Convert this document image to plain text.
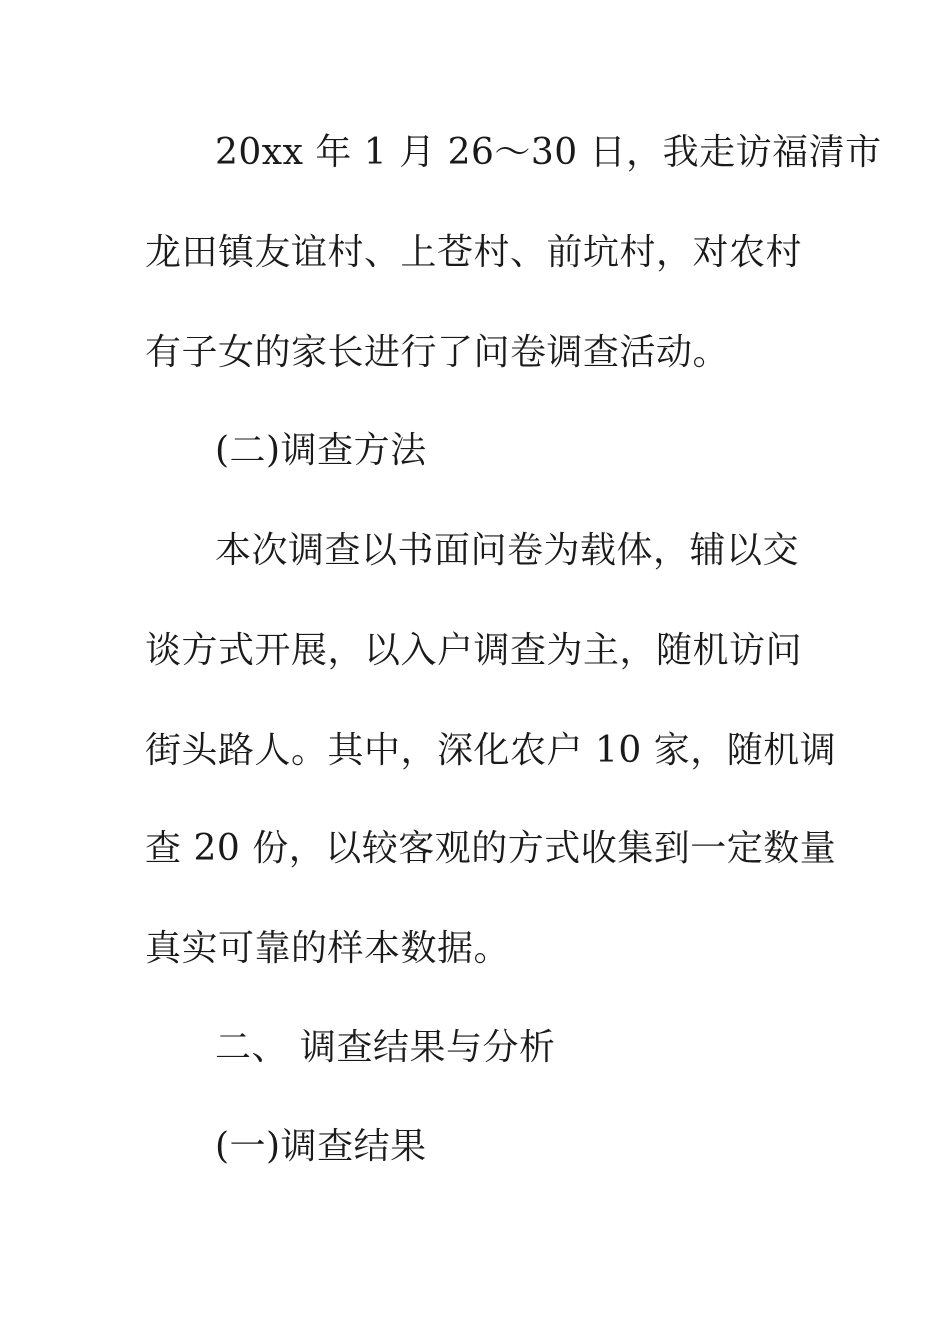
20xx 年 1 月 26～30 日，我走访福清市
龙田镇友谊村、上苍村、前坑村，对农村
有子女的家长进行了问卷调查活动。
(二)调查方法
本次调查以书面问卷为载体，辅以交
谈方式开展，以入户调查为主，随机访问
街头路人。其中，深化农户 10 家，随机调
查 20 份，以较客观的方式收集到一定数量
真实可靠的样本数据。
二、 调查结果与分析
(一)调查结果
